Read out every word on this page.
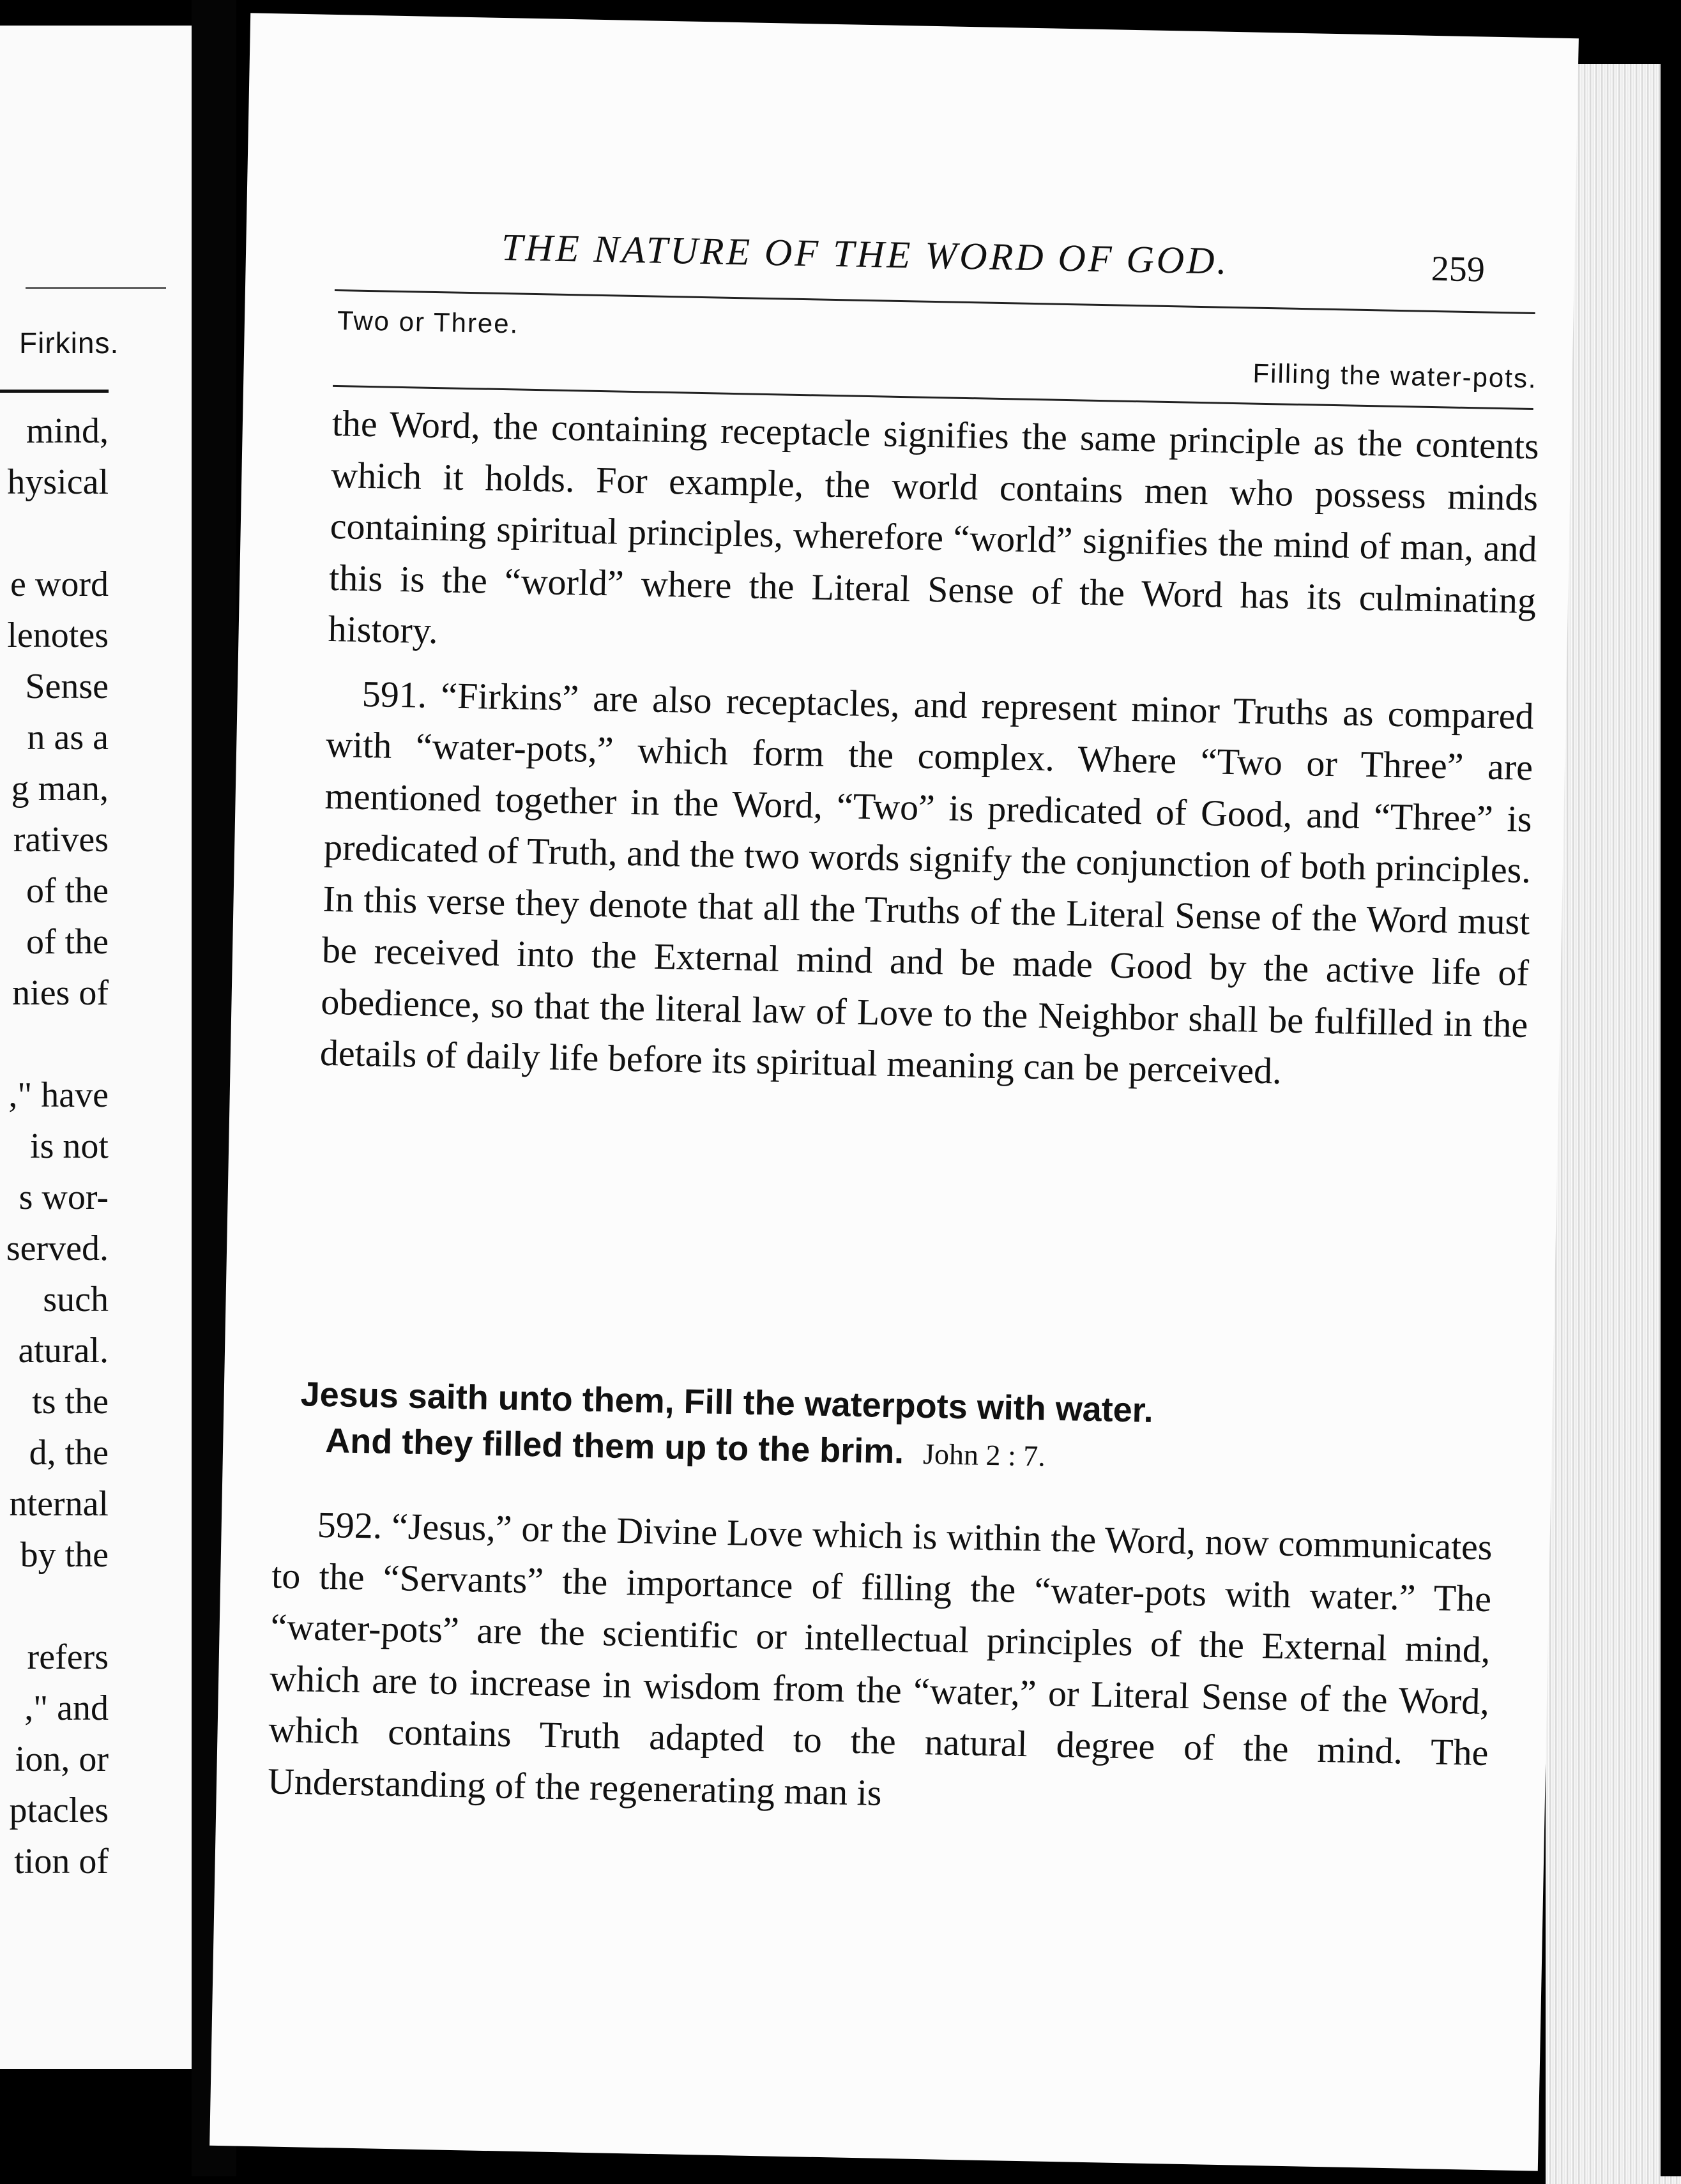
Firkins.
mind,
hysical
e word
lenotes
Sense
n as a
g man,
ratives
of the
of the
nies of
," have
is not
s wor-
served.
such
atural.
ts the
d, the
nternal
by the
refers
," and
ion, or
ptacles
tion of
THE NATURE OF THE WORD OF GOD.	259
Two or Three.
Filling the water-pots.

the Word, the containing receptacle signifies the same principle as the contents which it holds. For example, the world contains men who possess minds containing spiritual principles, wherefore “world” signifies the mind of man, and this is the “world” where the Literal Sense of the Word has its culminating history.

591. “Firkins” are also receptacles, and represent minor Truths as compared with “water-pots,” which form the complex. Where “Two or Three” are mentioned together in the Word, “Two” is predicated of Good, and “Three” is predicated of Truth, and the two words signify the conjunction of both principles. In this verse they denote that all the Truths of the Literal Sense of the Word must be received into the External mind and be made Good by the active life of obedience, so that the literal law of Love to the Neighbor shall be fulfilled in the details of daily life before its spiritual meaning can be perceived.

Jesus saith unto them, Fill the waterpots with water.
And they filled them up to the brim. John 2 : 7.

592. “Jesus,” or the Divine Love which is within the Word, now communicates to the “Servants” the importance of filling the “water-pots with water.” The “water-pots” are the scientific or intellectual principles of the External mind, which are to increase in wisdom from the “water,” or Literal Sense of the Word, which contains Truth adapted to the natural degree of the mind. The Understanding of the regenerating man is
